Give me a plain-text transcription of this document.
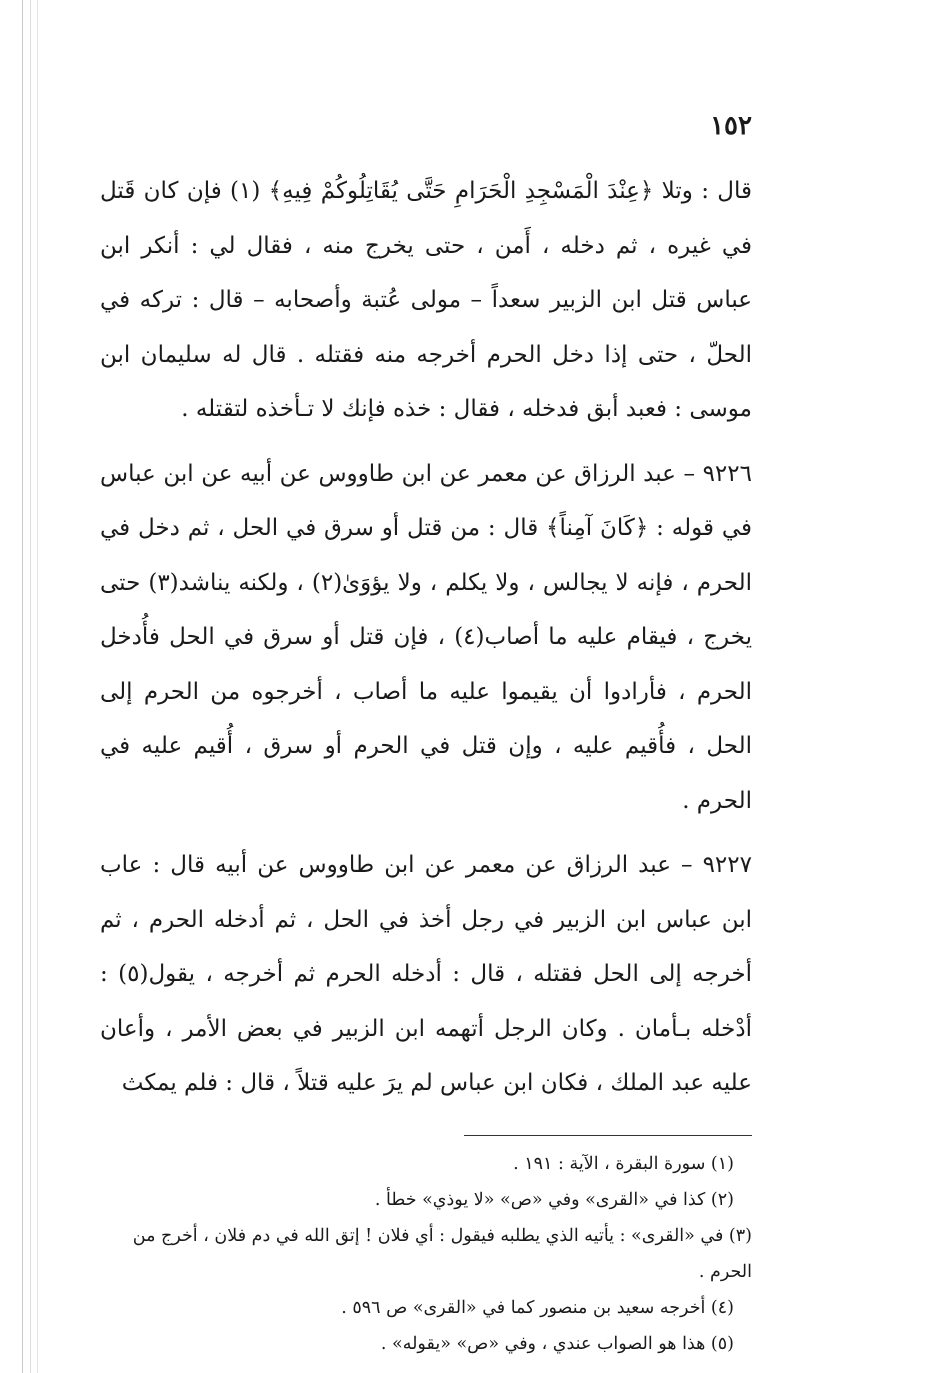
١٥٢

قال : وتلا ﴿عِنْدَ الْمَسْجِدِ الْحَرَامِ حَتَّى يُقَاتِلُوكُمْ فِيهِ﴾ (١) فإن كان قَتل في غيره ، ثم دخله ، أَمن ، حتى يخرج منه ، فقال لي : أنكر ابن عباس قتل ابن الزبير سعداً – مولى عُتبة وأصحابه – قال : تركه في الحلّ ، حتى إذا دخل الحرم أخرجه منه فقتله . قال له سليمان ابن موسى : فعبد أبق فدخله ، فقال : خذه فإنك لا تـأخذه لتقتله .

٩٢٢٦ – عبد الرزاق عن معمر عن ابن طاووس عن أبيه عن ابن عباس في قوله : ﴿كَانَ آمِناً﴾ قال : من قتل أو سرق في الحل ، ثم دخل في الحرم ، فإنه لا يجالس ، ولا يكلم ، ولا يؤوَىٰ(٢) ، ولكنه يناشد(٣) حتى يخرج ، فيقام عليه ما أصاب(٤) ، فإن قتل أو سرق في الحل فأُدخل الحرم ، فأرادوا أن يقيموا عليه ما أصاب ، أخرجوه من الحرم إلى الحل ، فأُقيم عليه ، وإن قتل في الحرم أو سرق ، أُقيم عليه في الحرم .

٩٢٢٧ – عبد الرزاق عن معمر عن ابن طاووس عن أبيه قال : عاب ابن عباس ابن الزبير في رجل أخذ في الحل ، ثم أدخله الحرم ، ثم أخرجه إلى الحل فقتله ، قال : أدخله الحرم ثم أخرجه ، يقول(٥) : أدْخله بـأمان . وكان الرجل أتهمه ابن الزبير في بعض الأمر ، وأعان عليه عبد الملك ، فكان ابن عباس لم يرَ عليه قتلاً ، قال : فلم يمكث

(١) سورة البقرة ، الآية : ١٩١ .

(٢) كذا في «القرى» وفي «ص» «لا يوذي» خطأ .

(٣) في «القرى» : يأتيه الذي يطلبه فيقول : أي فلان ! إتق الله في دم فلان ، أخرج من الحرم .

(٤) أخرجه سعيد بن منصور كما في «القرى» ص ٥٩٦ .

(٥) هذا هو الصواب عندي ، وفي «ص» «يقوله» .
